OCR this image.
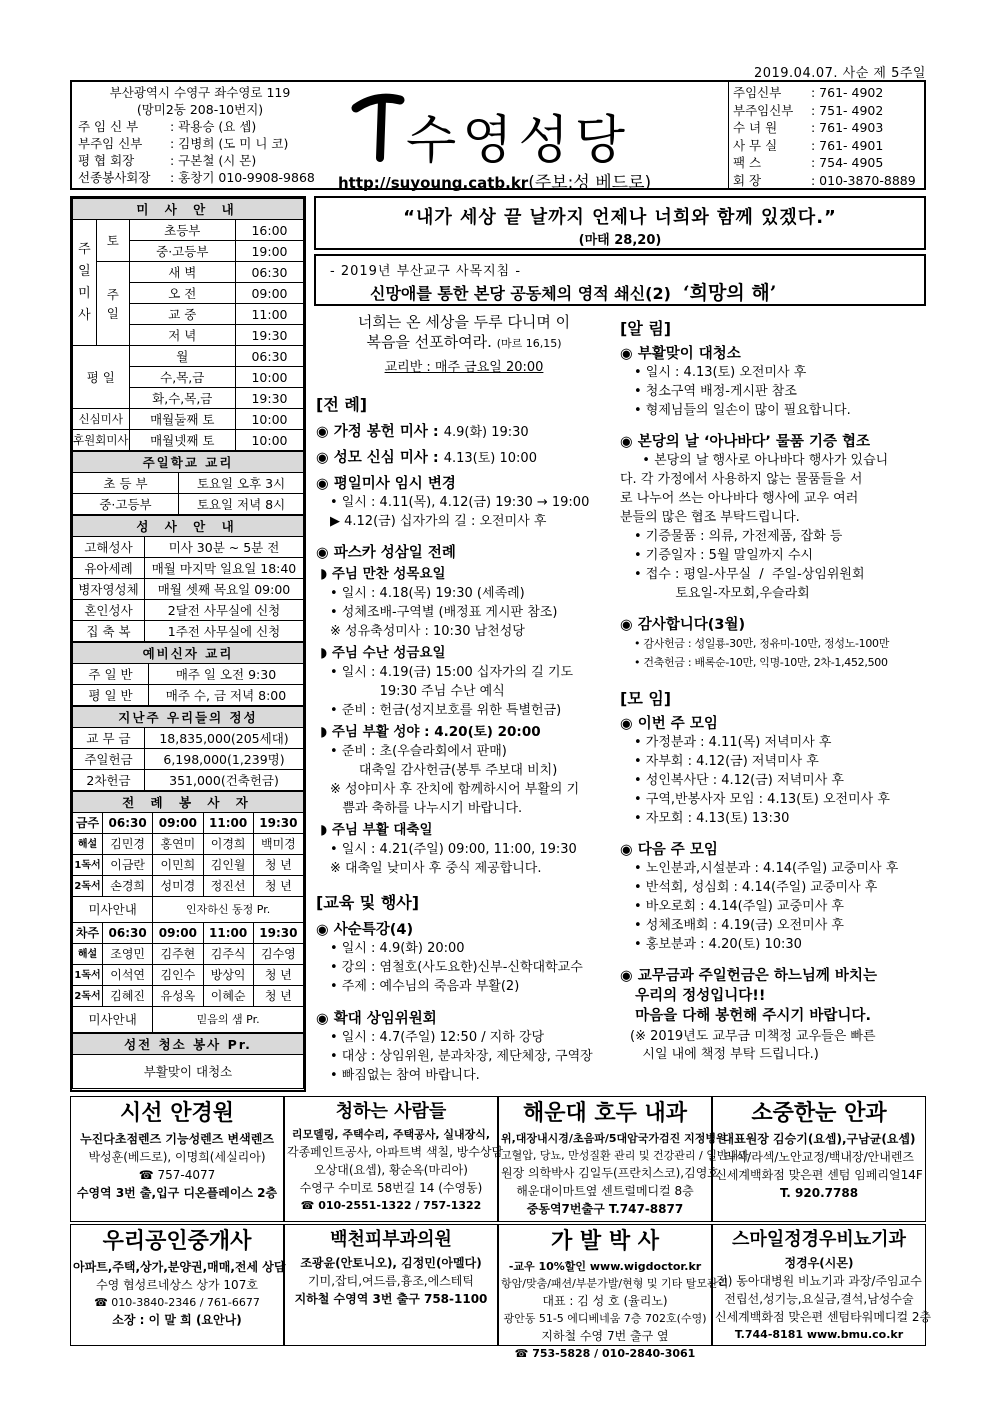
2019.04.07. 사순 제 5주일
부산광역시 수영구 좌수영로 119
(망미2동 208-10번지)
주 임 신 부 : 곽용승 (요 셉)
부주임 신부 : 김병희 (도 미 니 코)
평 협 회장	: 구본철 (시 몬)
선종봉사회장 : 홍창기 010-9908-9868
수영성당
http://suyoung.catb.kr(주보:성 베드로)
주임신부 : 761- 4902
부주임신부 : 751- 4902
수 녀 원 : 761- 4903
사 무 실 : 761- 4901
팩 스	: 754- 4905
회 장	: 010-3870-8889
미 사 안 내			

주
일
미
사	토	초등부	16:00
		중·고등부	19:00

	주
일	새 벽	06:30
		오 전	09:00
		교 중	11:00
		저 녁	19:30
평 일		월	06:30
		수,목,금	10:00
		화,수,목,금	19:30
신심미사		매월둘째 토	10:00
후원회미사		매월넷째 토	10:00
주일학교 교리	
초 등 부	토요일 오후 3시
중·고등부	토요일 저녁 8시
성 사 안 내	
고해성사	미사 30분 ~ 5분 전
유아세례	매월 마지막 일요일 18:40
병자영성체	매월 셋째 목요일 09:00
혼인성사	2달전 사무실에 신청
집 축 복	1주전 사무실에 신청
예비신자 교리	
주 일 반	매주 일 오전 9:30
평 일 반	매주 수, 금 저녁 8:00
지난주 우리들의 정성	
교 무 금	18,835,000(205세대)
주일헌금	6,198,000(1,239명)
2차헌금	351,000(건축헌금)
전 례 봉 사 자				
금주	06:30	09:00	11:00	19:30
해설	김민경	홍연미	이경희	백미경
1독서	이금란	이민희	김인월	청 년
2독서	손경희	성미경	정진선	청 년
미사안내		인자하신 동정 Pr.		
차주	06:30	09:00	11:00	19:30
해설	조영민	김주현	김주식	김수영
1독서	이석연	김인수	방상익	청 년
2독서	김혜진	유성옥	이혜순	청 년
미사안내		믿음의 샘 Pr.		
성전 청소 봉사 Pr.
부활맞이 대청소
“내가 세상 끝 날까지 언제나 너희와 함께 있겠다.”
(마태 28,20)
- 2019년 부산교구 사목지침 -
신망애를 통한 본당 공동체의 영적 쇄신(2) ‘희망의 해’
너희는 온 세상을 두루 다니며 이
복음을 선포하여라. (마르 16,15)
교리반 : 매주 금요일 20:00
[전 례]
◉ 가정 봉헌 미사 : 4.9(화) 19:30
◉ 성모 신심 미사 : 4.13(토) 10:00
◉ 평일미사 임시 변경
• 일시 : 4.11(목), 4.12(금) 19:30 → 19:00
▶ 4.12(금) 십자가의 길 : 오전미사 후
◉ 파스카 성삼일 전례
◗ 주님 만찬 성목요일
• 일시 : 4.18(목) 19:30 (세족례)
• 성체조배-구역별 (배정표 게시판 참조)
※ 성유축성미사 : 10:30 남천성당
◗ 주님 수난 성금요일
• 일시 : 4.19(금) 15:00 십자가의 길 기도
19:30 주님 수난 예식
• 준비 : 헌금(성지보호를 위한 특별헌금)
◗ 주님 부활 성야 : 4.20(토) 20:00
• 준비 : 초(우슬라회에서 판매)
대축일 감사헌금(봉투 주보대 비치)
※ 성야미사 후 잔치에 함께하시어 부활의 기
쁨과 축하를 나누시기 바랍니다.
◗ 주님 부활 대축일
• 일시 : 4.21(주일) 09:00, 11:00, 19:30
※ 대축일 낮미사 후 중식 제공합니다.
[교육 및 행사]
◉ 사순특강(4)
• 일시 : 4.9(화) 20:00
• 강의 : 염철호(사도요한)신부-신학대학교수
• 주제 : 예수님의 죽음과 부활(2)
◉ 확대 상임위원회
• 일시 : 4.7(주일) 12:50 / 지하 강당
• 대상 : 상임위원, 분과차장, 제단체장, 구역장
• 빠짐없는 참여 바랍니다.
[알 림]
◉ 부활맞이 대청소
• 일시 : 4.13(토) 오전미사 후
• 청소구역 배정-게시판 참조
• 형제님들의 일손이 많이 필요합니다.
◉ 본당의 날 ‘아나바다’ 물품 기증 협조
• 본당의 날 행사로 아나바다 행사가 있습니
다. 각 가정에서 사용하지 않는 물품들을 서
로 나누어 쓰는 아나바다 행사에 교우 여러
분들의 많은 협조 부탁드립니다.
• 기증물품 : 의류, 가전제품, 잡화 등
• 기증일자 : 5월 말일까지 수시
• 접수 : 평일-사무실  /  주일-상임위원회
토요일-자모회,우슬라회
◉ 감사합니다(3월)
• 감사헌금 : 성일룡-30만, 정유미-10만, 정성노-100만
• 건축헌금 : 배록순-10만, 익명-10만, 2차-1,452,500
[모 임]
◉ 이번 주 모임
• 가정분과 : 4.11(목) 저녁미사 후
• 자부회 : 4.12(금) 저녁미사 후
• 성인복사단 : 4.12(금) 저녁미사 후
• 구역,반봉사자 모임 : 4.13(토) 오전미사 후
• 자모회 : 4.13(토) 13:30
◉ 다음 주 모임
• 노인분과,시설분과 : 4.14(주일) 교중미사 후
• 반석회, 성심회 : 4.14(주일) 교중미사 후
• 바오로회 : 4.14(주일) 교중미사 후
• 성체조배회 : 4.19(금) 오전미사 후
• 홍보분과 : 4.20(토) 10:30
◉ 교무금과 주일헌금은 하느님께 바치는
우리의 정성입니다!!
마음을 다해 봉헌해 주시기 바랍니다.
(※ 2019년도 교무금 미책정 교우들은 빠른
시일 내에 책정 부탁 드립니다.)
시선 안경원
누진다초점렌즈 기능성렌즈 변색렌즈
박성훈(베드로), 이명희(세실리아)
☎ 757-4077
수영역 3번 출,입구 디온플레이스 2층
청하는 사람들
리모델링, 주택수리, 주택공사, 실내장식,
각종페인트공사, 아파트벽 색칠, 방수상담
오상대(요셉), 황순옥(마리아)
수영구 수미로 58번길 14 (수영동)
☎ 010-2551-1322 / 757-1322
해운대 호두 내과
위,대장내시경/초음파/5대암국가검진 지정병원
고혈압, 당뇨, 만성질환 관리 및 건강관리 / 일반내과
원장 의학박사 김일두(프란치스코),김영호
해운대이마트옆 센트럴메디컬 8층
중동역7번출구 T.747-8877
소중한눈 안과
대표원장 김승기(요셉),구남균(요셉)
라식/라섹/노안교정/백내장/안내렌즈
신세계백화점 맞은편 센텀 임페리얼14F
T. 920.7788
우리공인중개사
아파트,주택,상가,분양권,매매,전세 상담
수영 협성르네상스 상가 107호
☎ 010-3840-2346 / 761-6677
소장 : 이 말 희 (요안나)
백천피부과의원
조광윤(안토니오), 김정민(아멜다)
기미,잡티,여드름,흉조,에스테틱
지하철 수영역 3번 출구 758-1100
가 발 박 사
-교우 10%할인 www.wigdoctor.kr
항암/맞춤/패션/부분가발/현형 및 기타 탈모관리
대표 : 김 성 호 (율리노)
광안동 51-5 에디베네움 7층 702호(수영)
지하철 수영 7번 출구 옆
☎ 753-5828 / 010-2840-3061
스마일정경우비뇨기과
정경우(시몬)
전) 동아대병원 비뇨기과 과장/주임교수
전립선,성기능,요실금,결석,남성수술
신세계백화점 맞은편 센텀타워메디컬 2층
T.744-8181 www.bmu.co.kr
